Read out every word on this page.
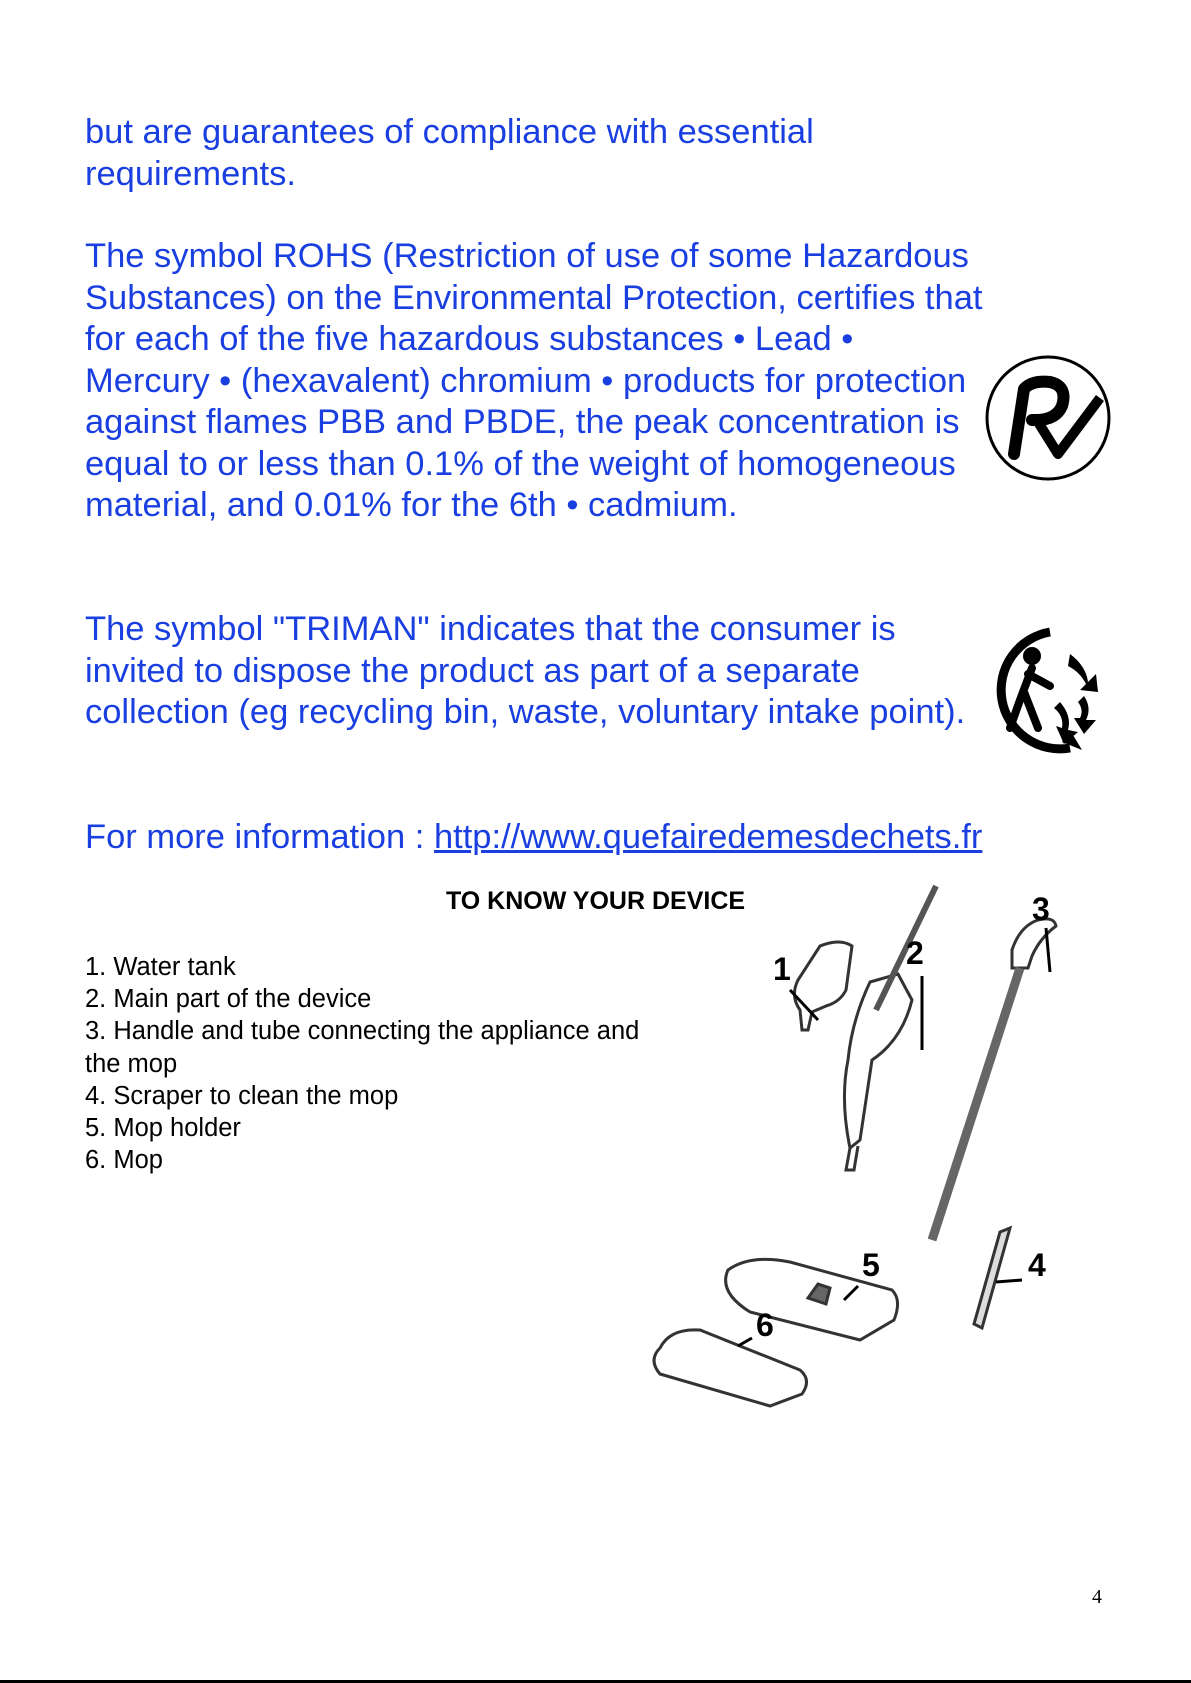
but are guarantees of compliance with essential requirements.

The symbol ROHS (Restriction of use of some Hazardous Substances) on the Environmental Protection, certifies that for each of the five hazardous substances • Lead • Mercury • (hexavalent) chromium • products for protection against flames PBB and PBDE, the peak concentration is equal to or less than 0.1% of the weight of homogeneous material, and 0.01% for the 6th • cadmium.

The symbol "TRIMAN" indicates that the consumer is invited to dispose the product as part of a separate collection (eg recycling bin, waste, voluntary intake point).

For more information : http://www.quefairedemesdechets.fr

TO KNOW YOUR DEVICE
1. Water tank
2. Main part of the device
3. Handle and tube connecting the appliance and the mop
4. Scraper to clean the mop
5. Mop holder
6. Mop
1	2
3
4
5
6
4
